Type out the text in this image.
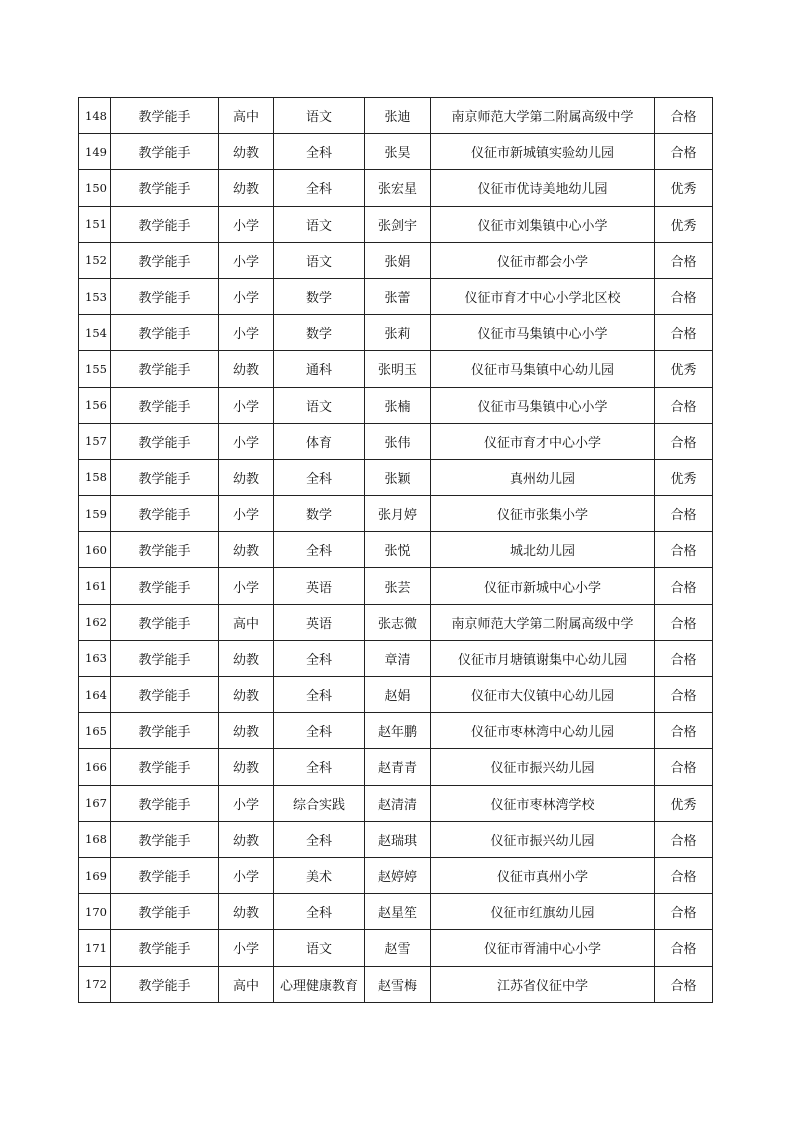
148	教学能手	高中	语文	张迪	南京师范大学第二附属高级中学	合格
149	教学能手	幼教	全科	张昊	仪征市新城镇实验幼儿园	合格
150	教学能手	幼教	全科	张宏星	仪征市优诗美地幼儿园	优秀
151	教学能手	小学	语文	张剑宇	仪征市刘集镇中心小学	优秀
152	教学能手	小学	语文	张娟	仪征市都会小学	合格
153	教学能手	小学	数学	张蕾	仪征市育才中心小学北区校	合格
154	教学能手	小学	数学	张莉	仪征市马集镇中心小学	合格
155	教学能手	幼教	通科	张明玉	仪征市马集镇中心幼儿园	优秀
156	教学能手	小学	语文	张楠	仪征市马集镇中心小学	合格
157	教学能手	小学	体育	张伟	仪征市育才中心小学	合格
158	教学能手	幼教	全科	张颖	真州幼儿园	优秀
159	教学能手	小学	数学	张月婷	仪征市张集小学	合格
160	教学能手	幼教	全科	张悦	城北幼儿园	合格
161	教学能手	小学	英语	张芸	仪征市新城中心小学	合格
162	教学能手	高中	英语	张志微	南京师范大学第二附属高级中学	合格
163	教学能手	幼教	全科	章清	仪征市月塘镇谢集中心幼儿园	合格
164	教学能手	幼教	全科	赵娟	仪征市大仪镇中心幼儿园	合格
165	教学能手	幼教	全科	赵年鹏	仪征市枣林湾中心幼儿园	合格
166	教学能手	幼教	全科	赵青青	仪征市振兴幼儿园	合格
167	教学能手	小学	综合实践	赵清清	仪征市枣林湾学校	优秀
168	教学能手	幼教	全科	赵瑞琪	仪征市振兴幼儿园	合格
169	教学能手	小学	美术	赵婷婷	仪征市真州小学	合格
170	教学能手	幼教	全科	赵星笙	仪征市红旗幼儿园	合格
171	教学能手	小学	语文	赵雪	仪征市胥浦中心小学	合格
172	教学能手	高中	心理健康教育	赵雪梅	江苏省仪征中学	合格
